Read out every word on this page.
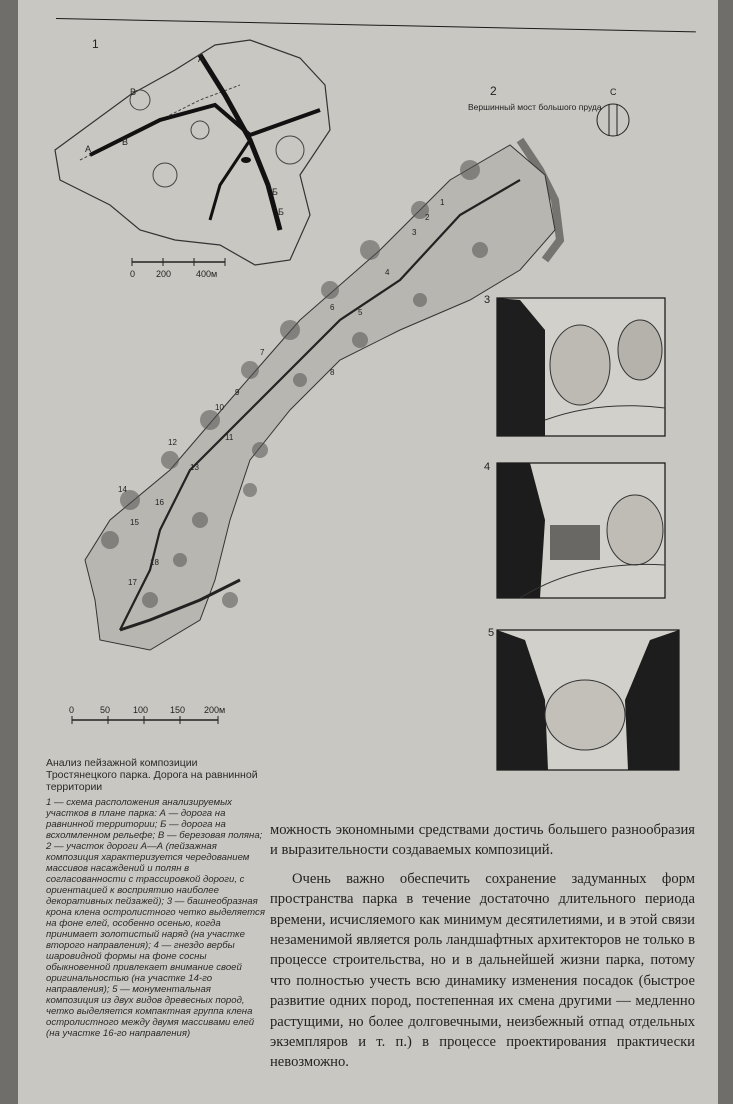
1
А
А
В
В
Б
Б
0 200	400м
2	С
Вершинный мост большого пруда
1
2
3
4
5
6
7
8
9
10
11
12
13
14
15
16
17
18
0	50	100 150 200м
3
4
5
Анализ пейзажной композиции Тростянецкого парка. Дорога на равнинной территории
1 — схема расположения анализируемых участков в плане парка: А — дорога на равнинной территории; Б — дорога на всхолмленном рельефе; В — березовая поляна; 2 — участок дороги А—А (пейзажная композиция характеризуется чередованием массивов насаждений и полян в согласованности с трассировкой дороги, с ориентацией к восприятию наиболее декоративных пейзажей); 3 — башнеобразная крона клена остролистного четко выделяется на фоне елей, особенно осенью, когда принимает золотистый наряд (на участке второго направления); 4 — гнездо вербы шаровидной формы на фоне сосны обыкновенной привлекает внимание своей оригинальностью (на участке 14-го направления); 5 — монументальная композиция из двух видов древесных пород, четко выделяется компактная группа клена остролистного между двумя массивами елей (на участке 16-го направления)

можность экономными средствами достичь большего разнообразия и выразительности создаваемых композиций.

Очень важно обеспечить сохранение задуманных форм пространства парка в течение достаточно длительного периода времени, исчисляемого как минимум десятилетиями, и в этой связи незаменимой является роль ландшафтных архитекторов не только в процессе строительства, но и в дальнейшей жизни парка, потому что полностью учесть всю динамику изменения посадок (быстрое развитие одних пород, постепенная их смена другими — медленно растущими, но более долговечными, неизбежный отпад отдельных экземпляров и т. п.) в процессе проектирования практически невозможно.
